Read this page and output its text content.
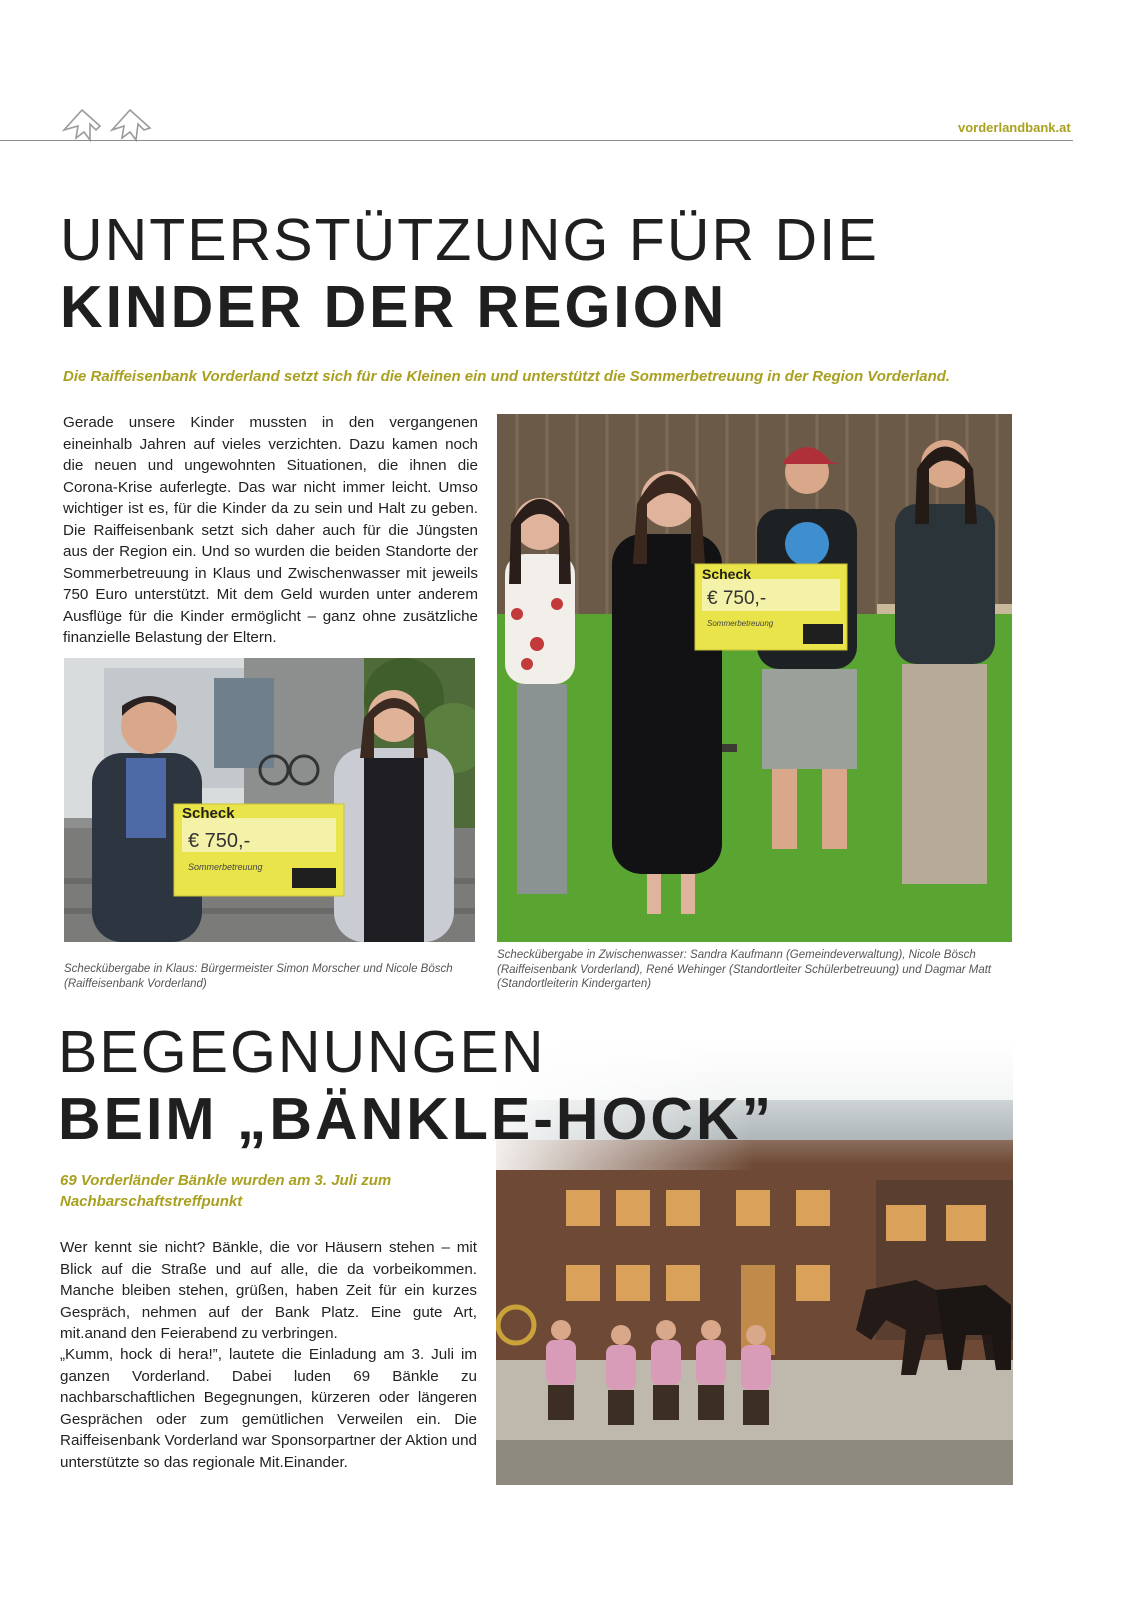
vorderlandbank.at
UNTERSTÜTZUNG FÜR DIE
KINDER DER REGION
Die Raiffeisenbank Vorderland setzt sich für die Kleinen ein und unterstützt die Sommerbetreuung in der Region Vorderland.
Gerade unsere Kinder mussten in den vergangenen eineinhalb Jahren auf vieles verzichten. Dazu kamen noch die neuen und ungewohnten Situationen, die ihnen die Corona-Krise auferlegte. Das war nicht immer leicht. Umso wichtiger ist es, für die Kinder da zu sein und Halt zu geben. Die Raiffeisenbank setzt sich daher auch für die Jüngsten aus der Region ein. Und so wurden die beiden Standorte der Sommerbetreuung in Klaus und Zwischenwasser mit jeweils 750 Euro unterstützt. Mit dem Geld wurden unter anderem Ausflüge für die Kinder ermöglicht – ganz ohne zusätzliche finanzielle Belastung der Eltern.
Scheck
€ 750,-
Sommerbetreuung
Scheckübergabe in Klaus: Bürgermeister Simon Morscher und Nicole Bösch (Raiffeisenbank Vorderland)
Scheck
€ 750,-
Sommerbetreuung
Scheckübergabe in Zwischenwasser: Sandra Kaufmann (Gemeindeverwaltung), Nicole Bösch (Raiffeisenbank Vorderland), René Wehinger (Standortleiter Schülerbetreuung) und Dagmar Matt (Standortleiterin Kindergarten)
BEGEGNUNGEN
BEIM „BÄNKLE-HOCK”
69 Vorderländer Bänkle wurden am 3. Juli zum Nachbarschaftstreffpunkt
Wer kennt sie nicht? Bänkle, die vor Häusern stehen – mit Blick auf die Straße und auf alle, die da vorbeikommen. Manche bleiben stehen, grüßen, haben Zeit für ein kurzes Gespräch, nehmen auf der Bank Platz. Eine gute Art, mit.anand den Feierabend zu verbringen.
„Kumm, hock di hera!”, lautete die Einladung am 3. Juli im ganzen Vorderland. Dabei luden 69 Bänkle zu nachbarschaftlichen Begegnungen, kürzeren oder längeren Gesprächen oder zum gemütlichen Verweilen ein. Die Raiffeisenbank Vorderland war Sponsorpartner der Aktion und unterstützte so das regionale Mit.Einander.
